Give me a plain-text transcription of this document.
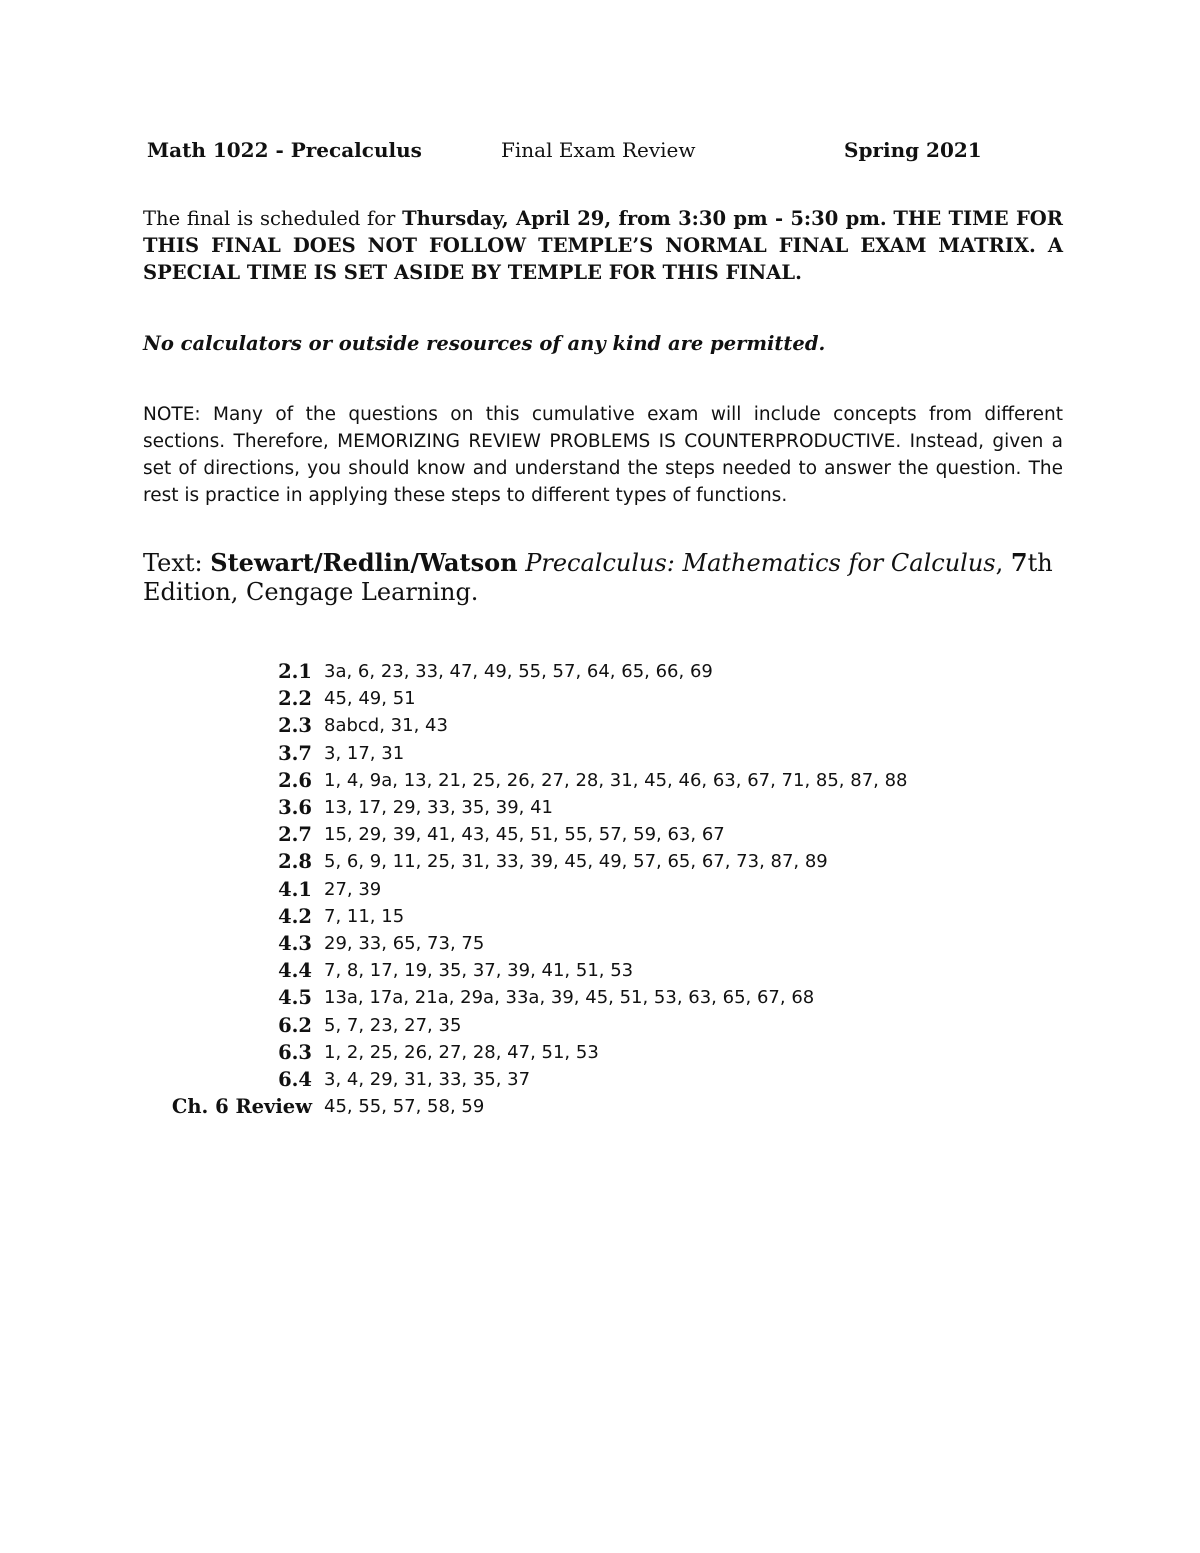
Math 1022 - Precalculus	Final Exam Review	Spring 2021
The final is scheduled for Thursday, April 29, from 3:30 pm - 5:30 pm. THE TIME FOR THIS FINAL DOES NOT FOLLOW TEMPLE’S NORMAL FINAL EXAM MATRIX. A SPECIAL TIME IS SET ASIDE BY TEMPLE FOR THIS FINAL.
No calculators or outside resources of any kind are permitted.
NOTE: Many of the questions on this cumulative exam will include concepts from different sections. Therefore, MEMORIZING REVIEW PROBLEMS IS COUNTERPRODUCTIVE. Instead, given a set of directions, you should know and understand the steps needed to answer the question. The rest is practice in applying these steps to different types of functions.
Text: Stewart/Redlin/Watson Precalculus: Mathematics for Calculus, 7th Edition, Cengage Learning.
2.1	3a, 6, 23, 33, 47, 49, 55, 57, 64, 65, 66, 69
2.2	45, 49, 51
2.3	8abcd, 31, 43
3.7	3, 17, 31
2.6	1, 4, 9a, 13, 21, 25, 26, 27, 28, 31, 45, 46, 63, 67, 71, 85, 87, 88
3.6	13, 17, 29, 33, 35, 39, 41
2.7	15, 29, 39, 41, 43, 45, 51, 55, 57, 59, 63, 67
2.8	5, 6, 9, 11, 25, 31, 33, 39, 45, 49, 57, 65, 67, 73, 87, 89
4.1	27, 39
4.2	7, 11, 15
4.3	29, 33, 65, 73, 75
4.4	7, 8, 17, 19, 35, 37, 39, 41, 51, 53
4.5	13a, 17a, 21a, 29a, 33a, 39, 45, 51, 53, 63, 65, 67, 68
6.2	5, 7, 23, 27, 35
6.3	1, 2, 25, 26, 27, 28, 47, 51, 53
6.4	3, 4, 29, 31, 33, 35, 37
Ch. 6 Review	45, 55, 57, 58, 59
